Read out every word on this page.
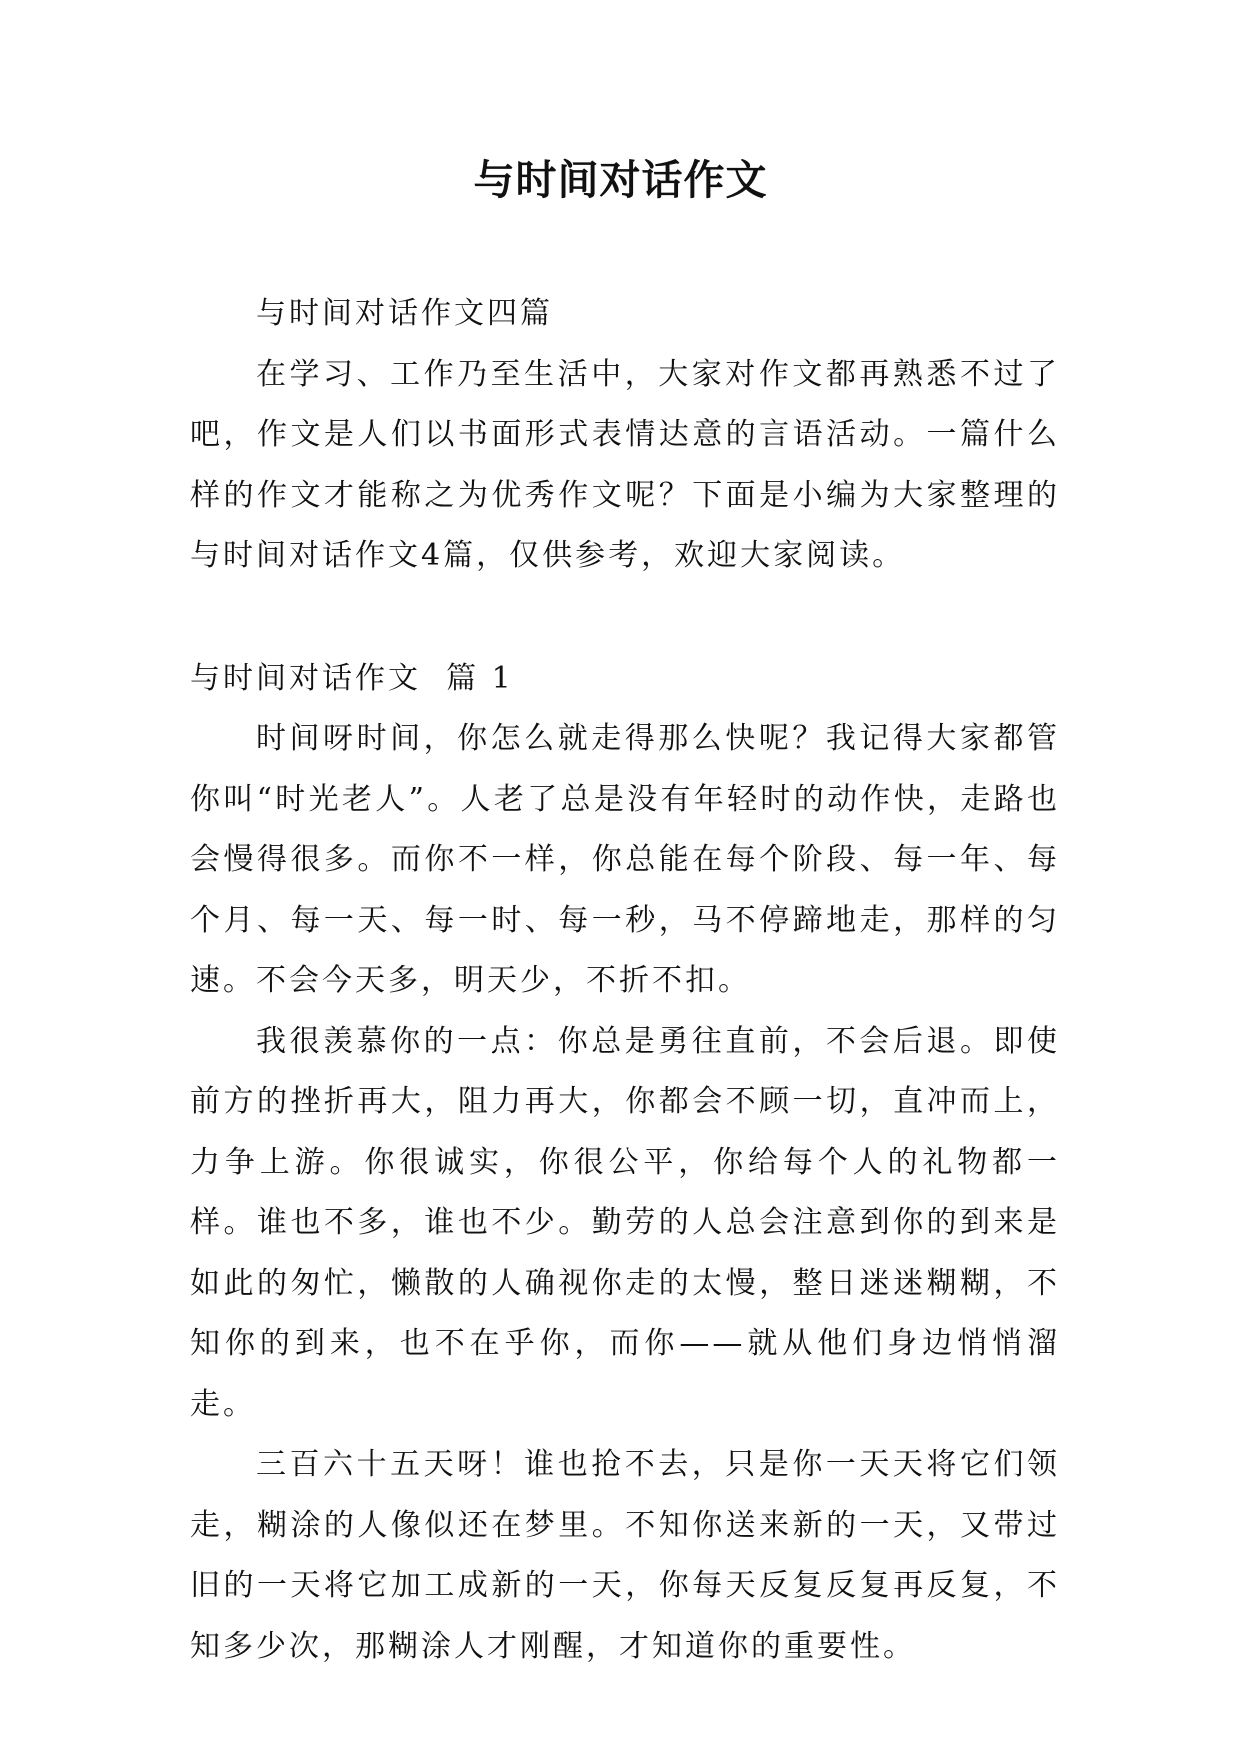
与时间对话作文

与时间对话作文四篇

在学习、工作乃至生活中，大家对作文都再熟悉不过了吧，作文是人们以书面形式表情达意的言语活动。一篇什么样的作文才能称之为优秀作文呢？下面是小编为大家整理的与时间对话作文4篇，仅供参考，欢迎大家阅读。

与时间对话作文  篇 1

时间呀时间，你怎么就走得那么快呢？我记得大家都管你叫“时光老人”。人老了总是没有年轻时的动作快，走路也会慢得很多。而你不一样，你总能在每个阶段、每一年、每个月、每一天、每一时、每一秒，马不停蹄地走，那样的匀速。不会今天多，明天少，不折不扣。

我很羡慕你的一点：你总是勇往直前，不会后退。即使前方的挫折再大，阻力再大，你都会不顾一切，直冲而上，力争上游。你很诚实，你很公平，你给每个人的礼物都一样。谁也不多，谁也不少。勤劳的人总会注意到你的到来是如此的匆忙，懒散的人确视你走的太慢，整日迷迷糊糊，不知你的到来，也不在乎你，而你——就从他们身边悄悄溜走。

三百六十五天呀！谁也抢不去，只是你一天天将它们领走，糊涂的人像似还在梦里。不知你送来新的一天，又带过旧的一天将它加工成新的一天，你每天反复反复再反复，不知多少次，那糊涂人才刚醒，才知道你的重要性。
